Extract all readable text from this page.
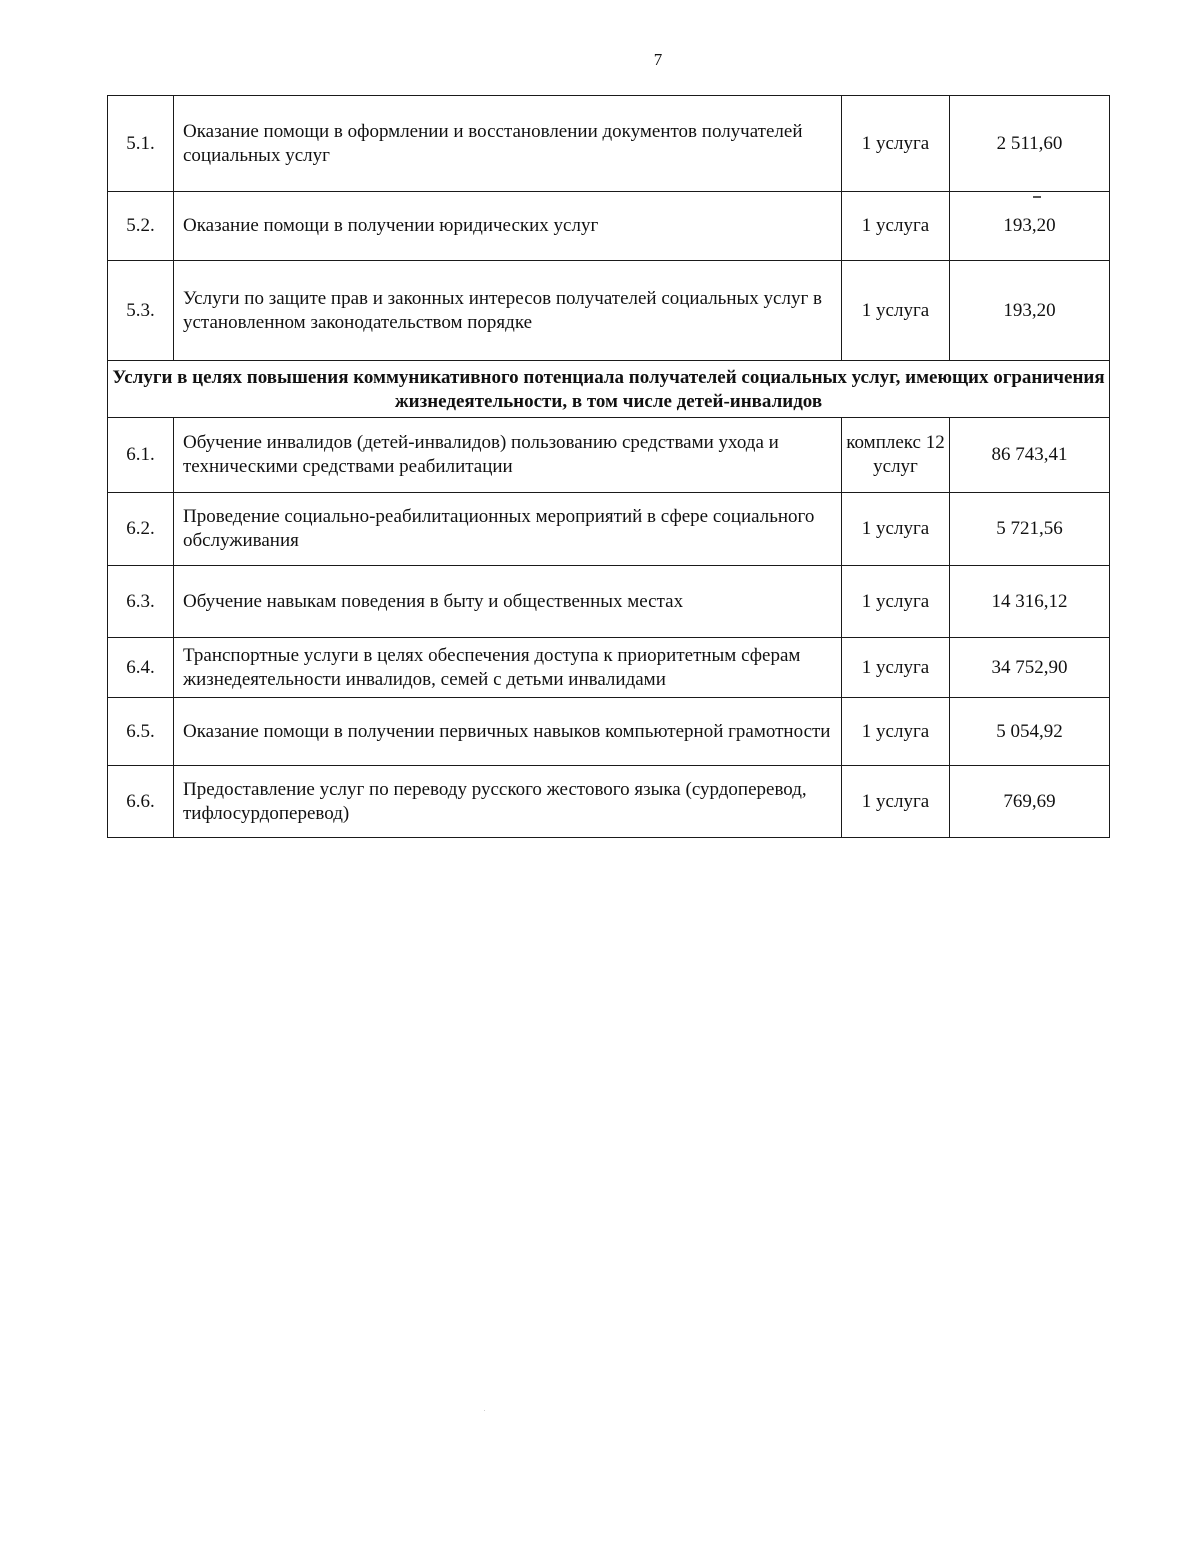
7
5.1.	Оказание помощи в оформлении и восстановлении документов получателей социальных услуг	1 услуга	2 511,60
5.2.	Оказание помощи в получении юридических услуг	1 услуга	193,20
5.3.	Услуги по защите прав и законных интересов получателей социальных услуг в установленном законодательством порядке	1 услуга	193,20
Услуги в целях повышения коммуникативного потенциала получателей социальных услуг, имеющих ограничения жизнедеятельности, в том числе детей-инвалидов			
6.1.	Обучение инвалидов (детей-инвалидов) пользованию средствами ухода и техническими средствами реабилитации	комплекс 12 услуг	86 743,41
6.2.	Проведение социально-реабилитационных мероприятий в сфере социального обслуживания	1 услуга	5 721,56
6.3.	Обучение навыкам поведения в быту и общественных местах	1 услуга	14 316,12
6.4.	Транспортные услуги в целях обеспечения доступа к приоритетным сферам жизнедеятельности инвалидов, семей с детьми инвалидами	1 услуга	34 752,90
6.5.	Оказание помощи в получении первичных навыков компьютерной грамотности	1 услуга	5 054,92
6.6.	Предоставление услуг по переводу русского жестового языка (сурдоперевод, тифлосурдоперевод)	1 услуга	769,69
